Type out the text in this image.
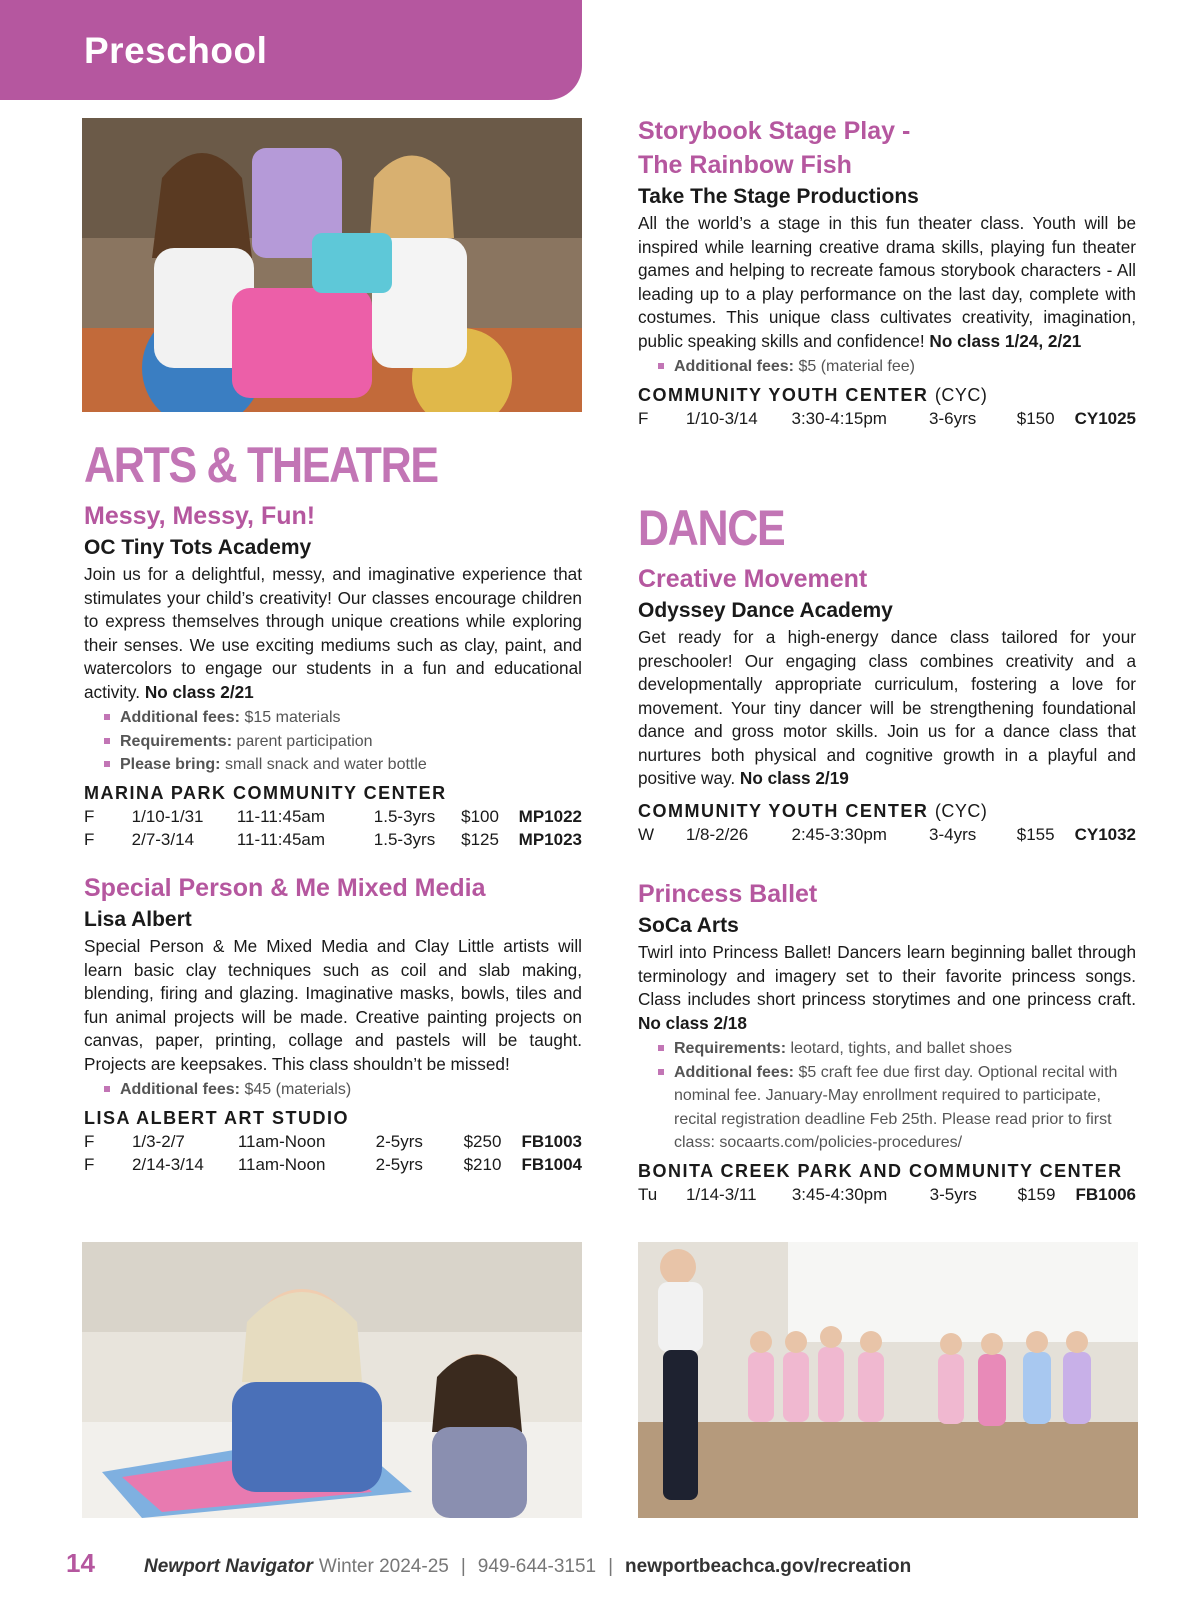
Preschool
ARTS & THEATRE
Messy, Messy, Fun!
OC Tiny Tots Academy

Join us for a delightful, messy, and imaginative experience that stimulates your child’s creativity! Our classes encourage children to express themselves through unique creations while exploring their senses. We use exciting mediums such as clay, paint, and watercolors to engage our students in a fun and educational activity. No class 2/21

Additional fees: $15 materials
Requirements: parent participation
Please bring: small snack and water bottle
MARINA PARK COMMUNITY CENTER
F	1/10-1/31	11-11:45am	1.5-3yrs	$100	MP1022
F	2/7-3/14	11-11:45am	1.5-3yrs	$125	MP1023
Special Person & Me Mixed Media
Lisa Albert

Special Person & Me Mixed Media and Clay Little artists will learn basic clay techniques such as coil and slab making, blending, firing and glazing. Imaginative masks, bowls, tiles and fun animal projects will be made. Creative painting projects on canvas, paper, printing, collage and pastels will be taught. Projects are keepsakes. This class shouldn’t be missed!

Additional fees: $45 (materials)
LISA ALBERT ART STUDIO
F	1/3-2/7	11am-Noon	2-5yrs	$250	FB1003
F	2/14-3/14	11am-Noon	2-5yrs	$210	FB1004
Storybook Stage Play -
The Rainbow Fish
Take The Stage Productions

All the world’s a stage in this fun theater class. Youth will be inspired while learning creative drama skills, playing fun theater games and helping to recreate famous storybook characters - All leading up to a play performance on the last day, complete with costumes. This unique class cultivates creativity, imagination, public speaking skills and confidence! No class 1/24, 2/21

Additional fees: $5 (material fee)
COMMUNITY YOUTH CENTER (CYC)
F	1/10-3/14	3:30-4:15pm	3-6yrs	$150	CY1025
DANCE
Creative Movement
Odyssey Dance Academy

Get ready for a high-energy dance class tailored for your preschooler! Our engaging class combines creativity and a developmentally appropriate curriculum, fostering a love for movement. Your tiny dancer will be strengthening foundational dance and gross motor skills. Join us for a dance class that nurtures both physical and cognitive growth in a playful and positive way. No class 2/19

COMMUNITY YOUTH CENTER (CYC)
W	1/8-2/26	2:45-3:30pm	3-4yrs	$155	CY1032
Princess Ballet
SoCa Arts

Twirl into Princess Ballet! Dancers learn beginning ballet through terminology and imagery set to their favorite princess songs. Class includes short princess storytimes and one princess craft. No class 2/18

Requirements: leotard, tights, and ballet shoes
Additional fees: $5 craft fee due first day. Optional recital with nominal fee. January-May enrollment required to participate, recital registration deadline Feb 25th. Please read prior to first class: socaarts.com/policies-procedures/
BONITA CREEK PARK AND COMMUNITY CENTER
Tu	1/14-3/11	3:45-4:30pm	3-5yrs	$159	FB1006
14	Newport Navigator Winter 2024-25 | 949-644-3151 | newportbeachca.gov/recreation
